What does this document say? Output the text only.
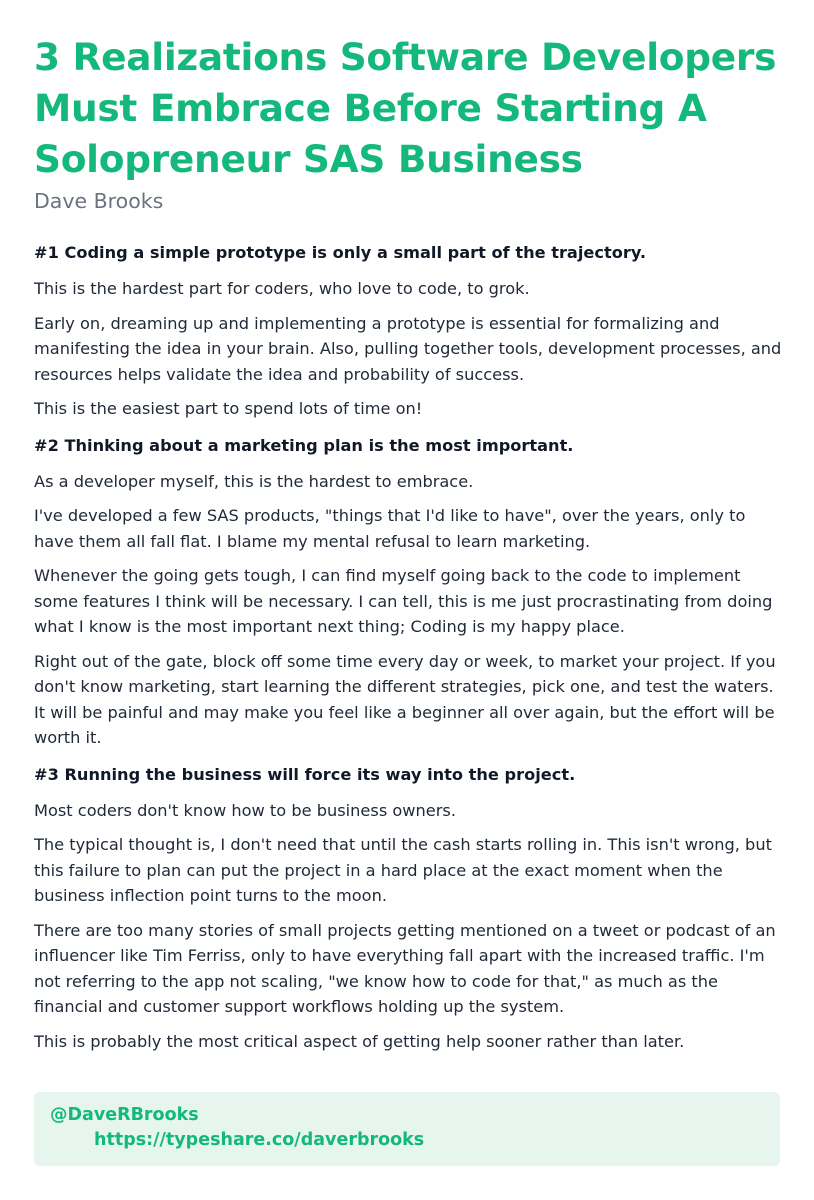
3 Realizations Software Developers Must Embrace Before Starting A Solopreneur SAS Business
Dave Brooks
#1 Coding a simple prototype is only a small part of the trajectory.

This is the hardest part for coders, who love to code, to grok.

Early on, dreaming up and implementing a prototype is essential for formalizing and manifesting the idea in your brain. Also, pulling together tools, development processes, and resources helps validate the idea and probability of success.

This is the easiest part to spend lots of time on!

#2 Thinking about a marketing plan is the most important.

As a developer myself, this is the hardest to embrace.

I've developed a few SAS products, "things that I'd like to have", over the years, only to have them all fall flat. I blame my mental refusal to learn marketing.

Whenever the going gets tough, I can find myself going back to the code to implement some features I think will be necessary. I can tell, this is me just procrastinating from doing what I know is the most important next thing; Coding is my happy place.

Right out of the gate, block off some time every day or week, to market your project. If you don't know marketing, start learning the different strategies, pick one, and test the waters. It will be painful and may make you feel like a beginner all over again, but the effort will be worth it.

#3 Running the business will force its way into the project.

Most coders don't know how to be business owners.

The typical thought is, I don't need that until the cash starts rolling in. This isn't wrong, but this failure to plan can put the project in a hard place at the exact moment when the business inflection point turns to the moon.

There are too many stories of small projects getting mentioned on a tweet or podcast of an influencer like Tim Ferriss, only to have everything fall apart with the increased traffic. I'm not referring to the app not scaling, "we know how to code for that," as much as the financial and customer support workflows holding up the system.

This is probably the most critical aspect of getting help sooner rather than later.

@DaveRBrooks
https://typeshare.co/daverbrooks
